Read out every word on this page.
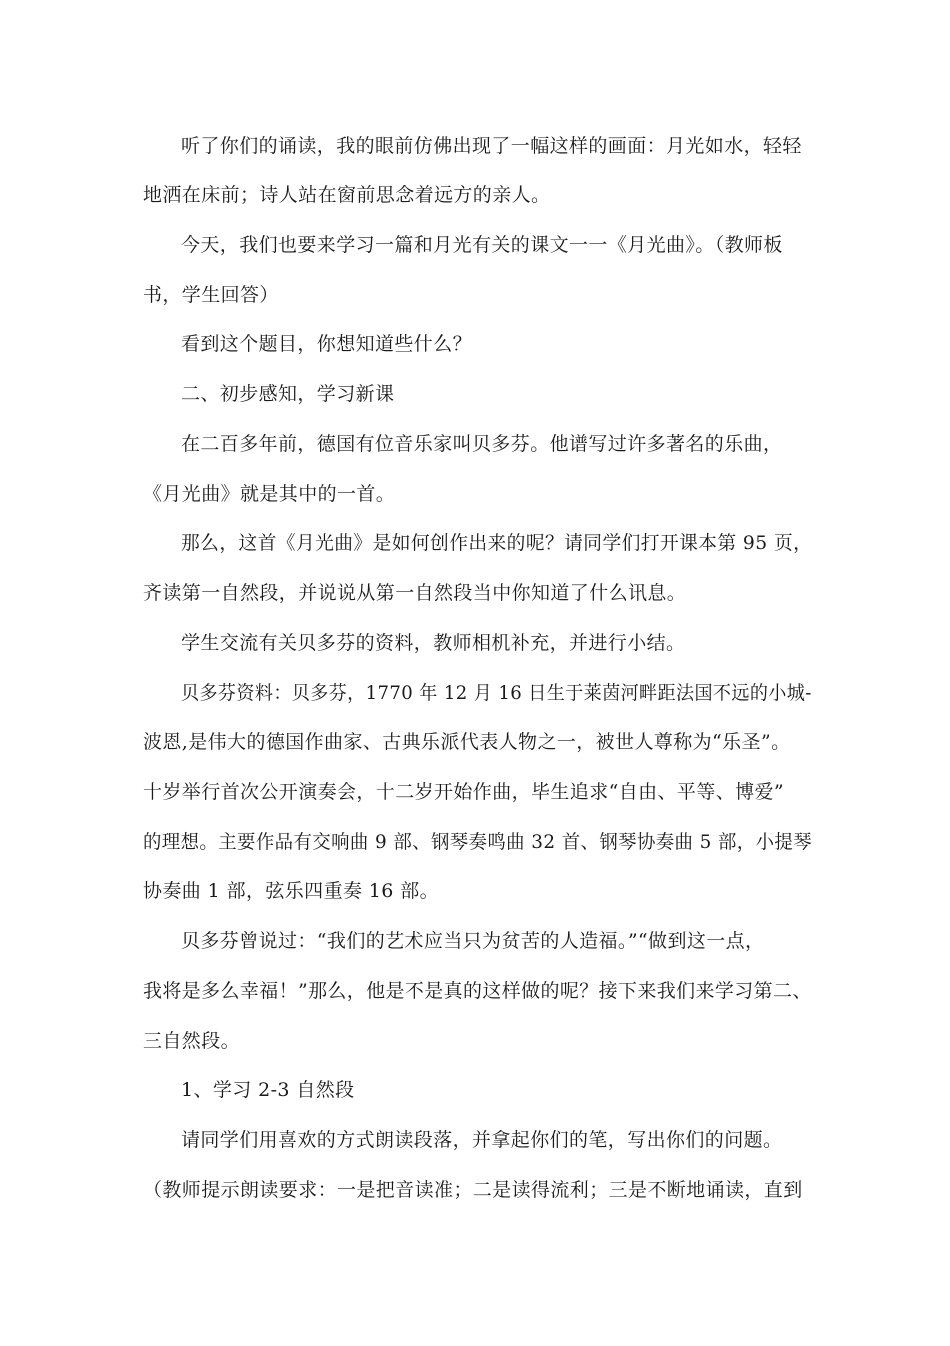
听了你们的诵读，我的眼前仿佛出现了一幅这样的画面：月光如水，轻轻
地洒在床前；诗人站在窗前思念着远方的亲人。
今天，我们也要来学习一篇和月光有关的课文一一《月光曲》。（教师板
书，学生回答）
看到这个题目，你想知道些什么？
二、初步感知，学习新课
在二百多年前，德国有位音乐家叫贝多芬。他谱写过许多著名的乐曲，
《月光曲》就是其中的一首。
那么，这首《月光曲》是如何创作出来的呢？请同学们打开课本第 95 页，
齐读第一自然段，并说说从第一自然段当中你知道了什么讯息。
学生交流有关贝多芬的资料，教师相机补充，并进行小结。
贝多芬资料：贝多芬，1770 年 12 月 16 日生于莱茵河畔距法国不远的小城-
波恩,是伟大的德国作曲家、古典乐派代表人物之一，被世人尊称为“乐圣”。
十岁举行首次公开演奏会，十二岁开始作曲，毕生追求“自由、平等、博爱”
的理想。主要作品有交响曲 9 部、钢琴奏鸣曲 32 首、钢琴协奏曲 5 部，小提琴
协奏曲 1 部，弦乐四重奏 16 部。
贝多芬曾说过：“我们的艺术应当只为贫苦的人造福。”“做到这一点，
我将是多么幸福！”那么，他是不是真的这样做的呢？接下来我们来学习第二、
三自然段。
1、学习 2-3 自然段
请同学们用喜欢的方式朗读段落，并拿起你们的笔，写出你们的问题。
（教师提示朗读要求：一是把音读准；二是读得流利；三是不断地诵读，直到
